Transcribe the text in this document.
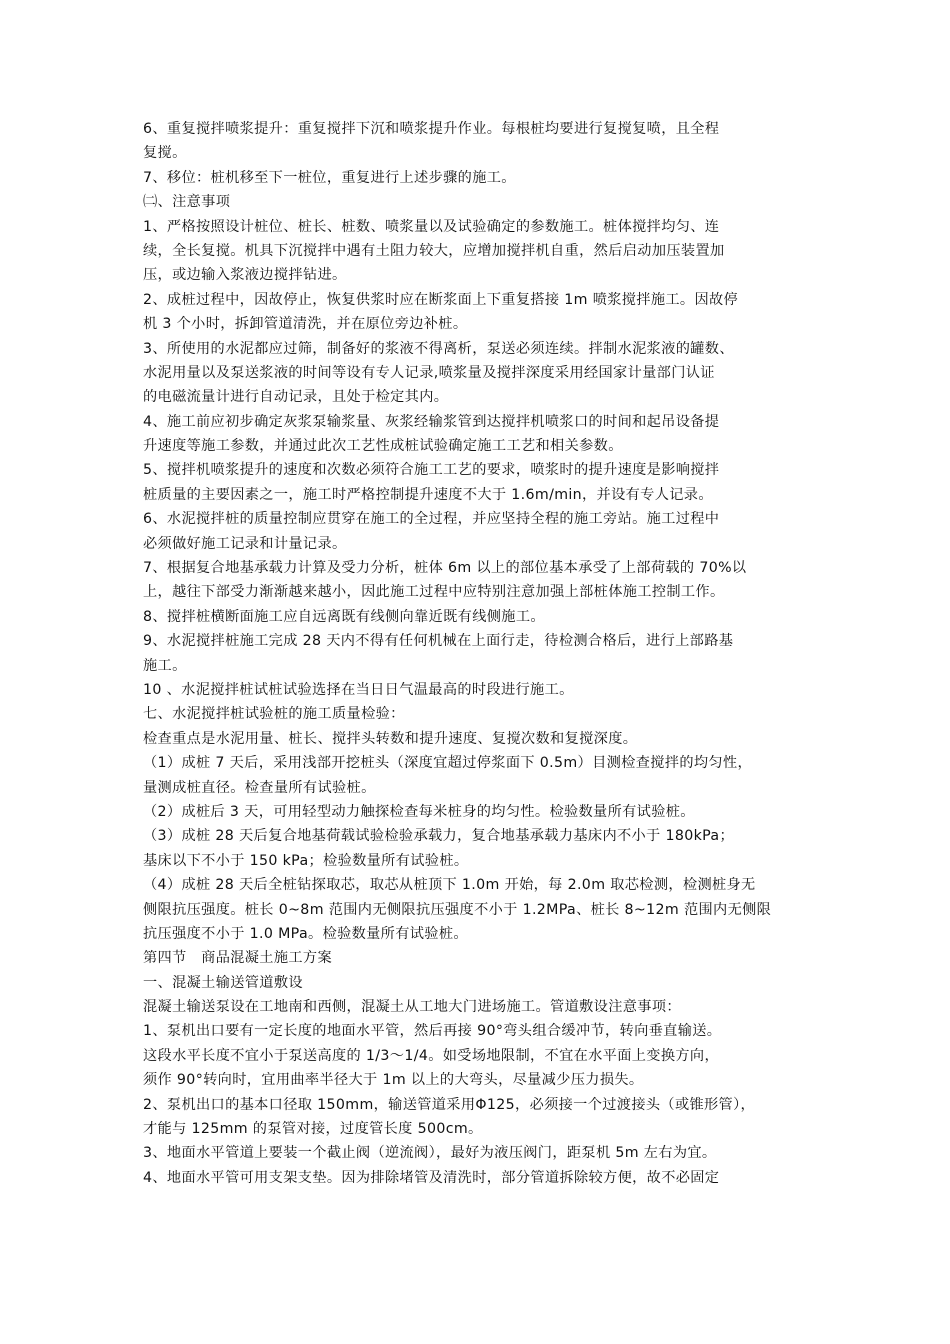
6、重复搅拌喷浆提升：重复搅拌下沉和喷浆提升作业。每根桩均要进行复搅复喷，且全程
复搅。
7、移位：桩机移至下一桩位，重复进行上述步骤的施工。
㈡、注意事项
1、严格按照设计桩位、桩长、桩数、喷浆量以及试验确定的参数施工。桩体搅拌均匀、连
续，全长复搅。机具下沉搅拌中遇有土阻力较大，应增加搅拌机自重，然后启动加压装置加
压，或边输入浆液边搅拌钻进。
2、成桩过程中，因故停止，恢复供浆时应在断浆面上下重复搭接 1m 喷浆搅拌施工。因故停
机 3 个小时，拆卸管道清洗，并在原位旁边补桩。
3、所使用的水泥都应过筛，制备好的浆液不得离析，泵送必须连续。拌制水泥浆液的罐数、
水泥用量以及泵送浆液的时间等设有专人记录,喷浆量及搅拌深度采用经国家计量部门认证
的电磁流量计进行自动记录，且处于检定其内。
4、施工前应初步确定灰浆泵输浆量、灰浆经输浆管到达搅拌机喷浆口的时间和起吊设备提
升速度等施工参数，并通过此次工艺性成桩试验确定施工工艺和相关参数。
5、搅拌机喷浆提升的速度和次数必须符合施工工艺的要求，喷浆时的提升速度是影响搅拌
桩质量的主要因素之一，施工时严格控制提升速度不大于 1.6m/min，并设有专人记录。
6、水泥搅拌桩的质量控制应贯穿在施工的全过程，并应坚持全程的施工旁站。施工过程中
必须做好施工记录和计量记录。
7、根据复合地基承载力计算及受力分析，桩体 6m 以上的部位基本承受了上部荷载的 70%以
上，越往下部受力渐渐越来越小，因此施工过程中应特别注意加强上部桩体施工控制工作。
8、搅拌桩横断面施工应自远离既有线侧向靠近既有线侧施工。
9、水泥搅拌桩施工完成 28 天内不得有任何机械在上面行走，待检测合格后，进行上部路基
施工。
10 、水泥搅拌桩试桩试验选择在当日日气温最高的时段进行施工。
七、水泥搅拌桩试验桩的施工质量检验：
检查重点是水泥用量、桩长、搅拌头转数和提升速度、复搅次数和复搅深度。
（1）成桩 7 天后，采用浅部开挖桩头（深度宜超过停浆面下 0.5m）目测检查搅拌的均匀性，
量测成桩直径。检查量所有试验桩。
（2）成桩后 3 天，可用轻型动力触探检查每米桩身的均匀性。检验数量所有试验桩。
（3）成桩 28 天后复合地基荷载试验检验承载力，复合地基承载力基床内不小于 180kPa；
基床以下不小于 150 kPa；检验数量所有试验桩。
（4）成桩 28 天后全桩钻探取芯，取芯从桩顶下 1.0m 开始，每 2.0m 取芯检测，检测桩身无
侧限抗压强度。桩长 0~8m 范围内无侧限抗压强度不小于 1.2MPa、桩长 8~12m 范围内无侧限
抗压强度不小于 1.0 MPa。检验数量所有试验桩。
第四节　商品混凝土施工方案
一、混凝土输送管道敷设
混凝土输送泵设在工地南和西侧，混凝土从工地大门进场施工。管道敷设注意事项：
1、泵机出口要有一定长度的地面水平管，然后再接 90°弯头组合缓冲节，转向垂直输送。
这段水平长度不宜小于泵送高度的 1/3～1/4。如受场地限制，不宜在水平面上变换方向，
须作 90°转向时，宜用曲率半径大于 1m 以上的大弯头，尽量减少压力损失。
2、泵机出口的基本口径取 150mm，输送管道采用Φ125，必须接一个过渡接头（或锥形管），
才能与 125mm 的泵管对接，过度管长度 500cm。
3、地面水平管道上要装一个截止阀（逆流阀），最好为液压阀门，距泵机 5m 左右为宜。
4、地面水平管可用支架支垫。因为排除堵管及清洗时，部分管道拆除较方便，故不必固定
